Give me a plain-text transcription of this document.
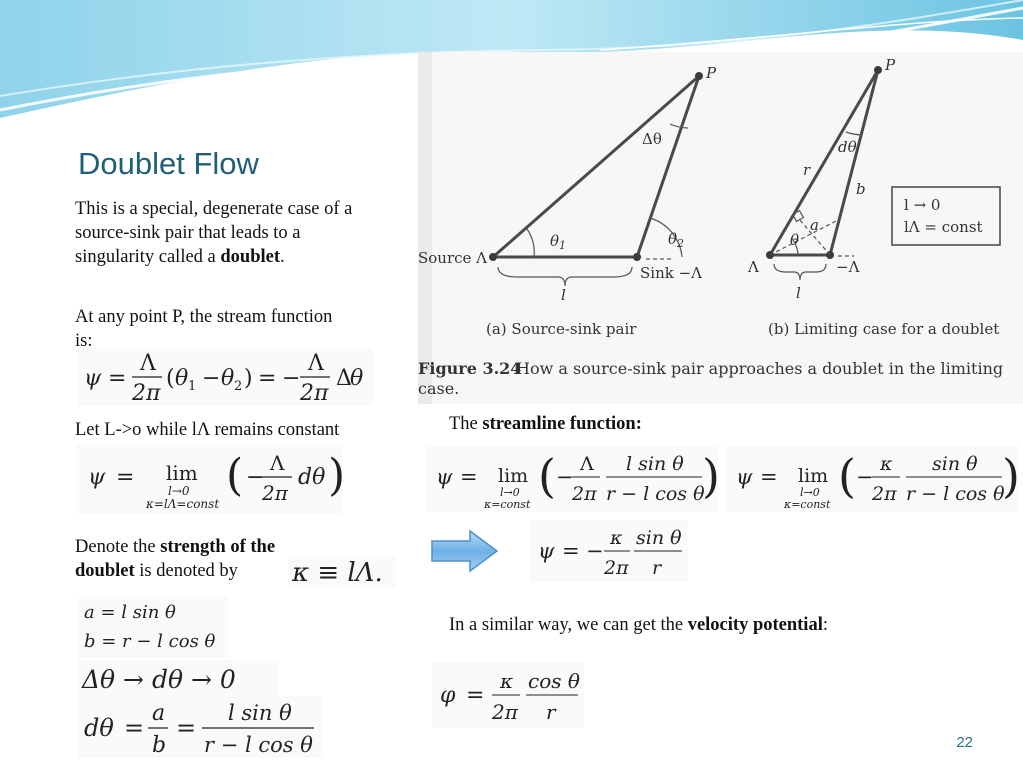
Doublet Flow
This is a special, degenerate case of a
source-sink pair that leads to a
singularity called a doublet.
At any point P, the stream function
is:
ψ =
Λ
2π
( θ 1 − θ 2 ) = −
Λ
2π
Δ
θ
Let L->o while lΛ remains constant
ψ = lim
l→0
κ=lΛ=const
( −
Λ
2π
dθ )
Denote the strength of the
doublet is denoted by	κ ≡ lΛ.
a = l sin θ
b = r − l cos θ
Δθ → dθ → 0
dθ =
a
b
=
l sin θ
r − l cos θ
P
Δθ
$\theta_1$	$\theta_2$
Source Λ
Sink −Λ
l
P
dθ
r
b
a
θ
Λ	−Λ
l
l → 0
lΛ = const
(a) Source-sink pair	(b) Limiting case for a doublet
Figure 3.24
How a source-sink pair approaches a doublet in the limiting
case.
The streamline function:
ψ = lim
l→0
κ=const
( −
Λ
2π
l sin θ
r − l cos θ
) ψ = lim
l→0
κ=const
( −
κ
2π
sin θ
r − l cos θ
)
ψ = −
κ
2π
sin θ
r
In a similar way, we can get the velocity potential:
φ =
κ
2π
cos θ
r
22
